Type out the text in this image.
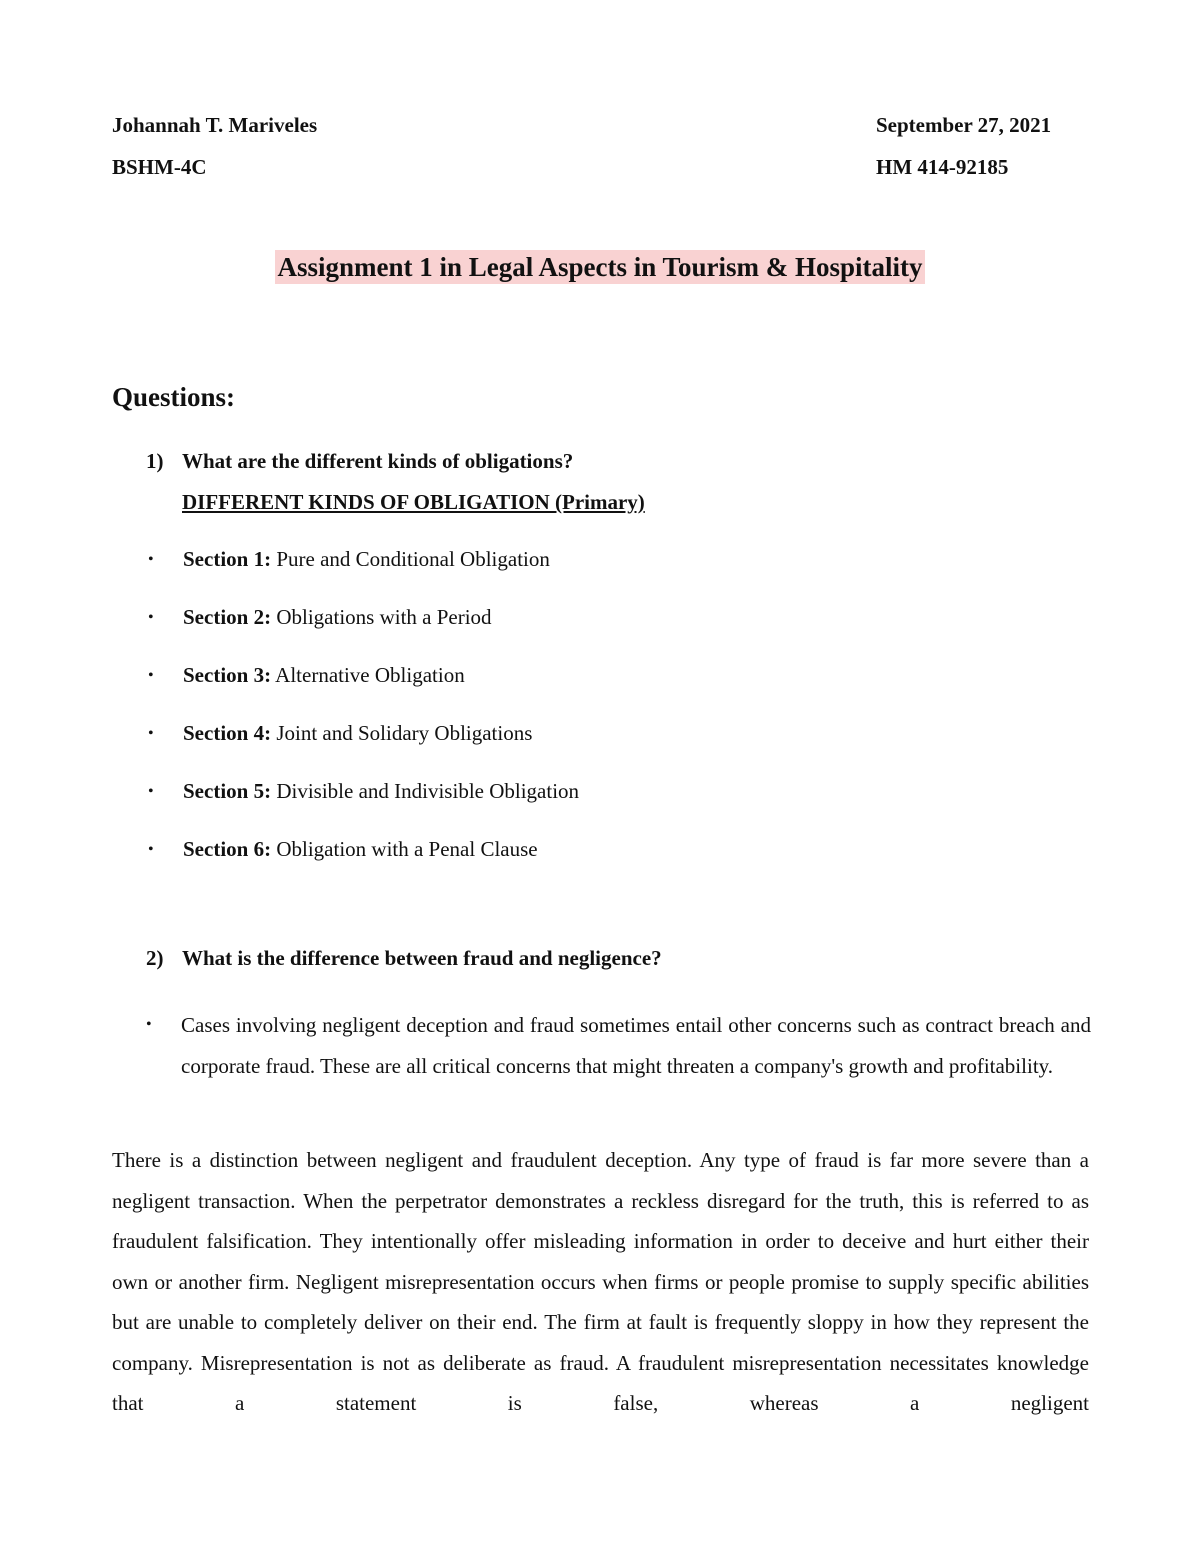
Johannah T. Mariveles	September 27, 2021
BSHM-4C	HM 414-92185
Assignment 1 in Legal Aspects in Tourism & Hospitality
Questions:
1) What are the different kinds of obligations?
DIFFERENT KINDS OF OBLIGATION (Primary)
• Section 1: Pure and Conditional Obligation
• Section 2: Obligations with a Period
• Section 3: Alternative Obligation
• Section 4: Joint and Solidary Obligations
• Section 5: Divisible and Indivisible Obligation
• Section 6: Obligation with a Penal Clause
2) What is the difference between fraud and negligence?
• Cases involving negligent deception and fraud sometimes entail other concerns such as contract breach and corporate fraud. These are all critical concerns that might threaten a company's growth and profitability.
There is a distinction between negligent and fraudulent deception. Any type of fraud is far more severe than a negligent transaction. When the perpetrator demonstrates a reckless disregard for the truth, this is referred to as fraudulent falsification. They intentionally offer misleading information in order to deceive and hurt either their own or another firm. Negligent misrepresentation occurs when firms or people promise to supply specific abilities but are unable to completely deliver on their end. The firm at fault is frequently sloppy in how they represent the company. Misrepresentation is not as deliberate as fraud. A fraudulent misrepresentation necessitates knowledge that a statement is false, whereas a negligent
